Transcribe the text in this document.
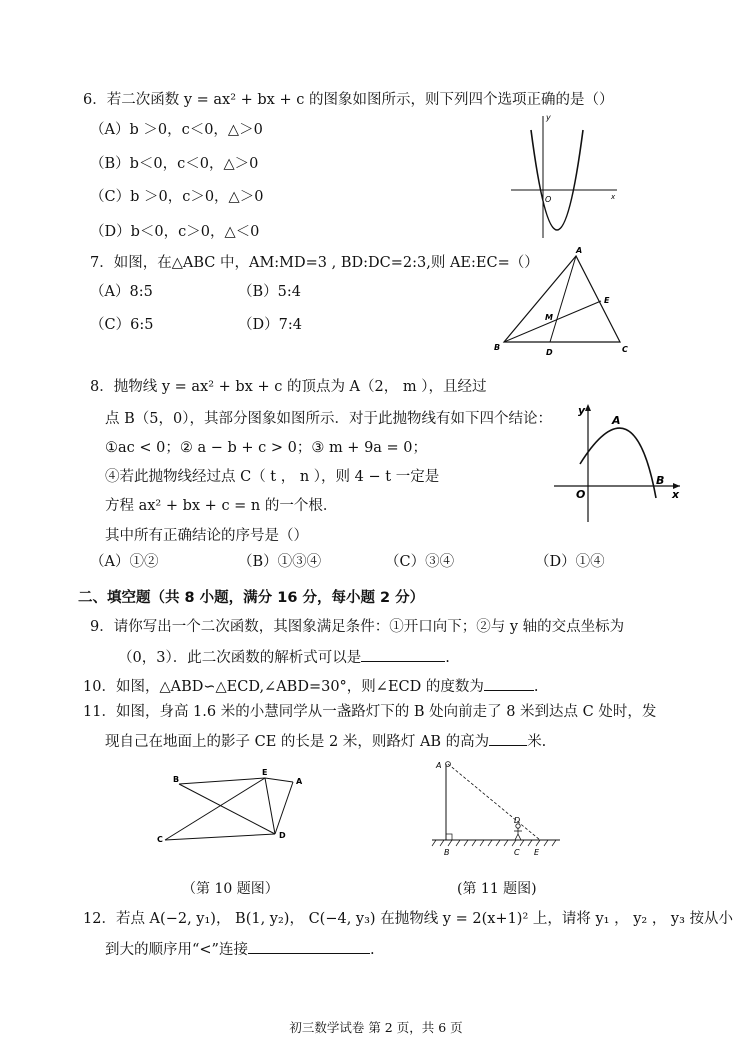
6．若二次函数 y = ax² + bx + c 的图象如图所示，则下列四个选项正确的是（）
（A）b ＞0，c＜0，△＞0
（B）b＜0，c＜0，△＞0
（C）b ＞0，c＞0，△＞0
（D）b＜0，c＞0，△＜0
y
O	x
7．如图，在△ABC 中，AM:MD=3 , BD:DC=2:3,则 AE:EC=（）
（A）8:5	（B）5:4
（C）6:5	（D）7:4
A
B	C
D
E
M
8．抛物线 y = ax² + bx + c 的顶点为 A（2， m ），且经过
点 B（5，0），其部分图象如图所示．对于此抛物线有如下四个结论：
①ac < 0；② a − b + c > 0；③ m + 9a = 0；
④若此抛物线经过点 C（ t ， n ），则 4 − t 一定是
方程 ax² + bx + c = n 的一个根．
其中所有正确结论的序号是（）
（A）①②	（B）①③④	（C）③④	（D）①④
y
A
O
B
x
二、填空题（共 8 小题，满分 16 分，每小题 2 分）
9．请你写出一个二次函数，其图象满足条件：①开口向下；②与 y 轴的交点坐标为
（0，3）．此二次函数的解析式可以是	.
10．如图，△ABD∽△ECD,∠ABD=30°，则∠ECD 的度数为	.
11．如图，身高 1.6 米的小慧同学从一盏路灯下的 B 处向前走了 8 米到达点 C 处时，发
现自己在地面上的影子 CE 的长是 2 米，则路灯 AB 的高为	米.
B
E
A
C	D
（第 10 题图）
A
D
B	C E
(第 11 题图)
12．若点 A(−2, y₁)， B(1, y₂)， C(−4, y₃) 在抛物线 y = 2(x+1)² 上，请将 y₁ ， y₂ ， y₃ 按从小
到大的顺序用“<”连接	.
初三数学试卷 第 2 页，共 6 页
